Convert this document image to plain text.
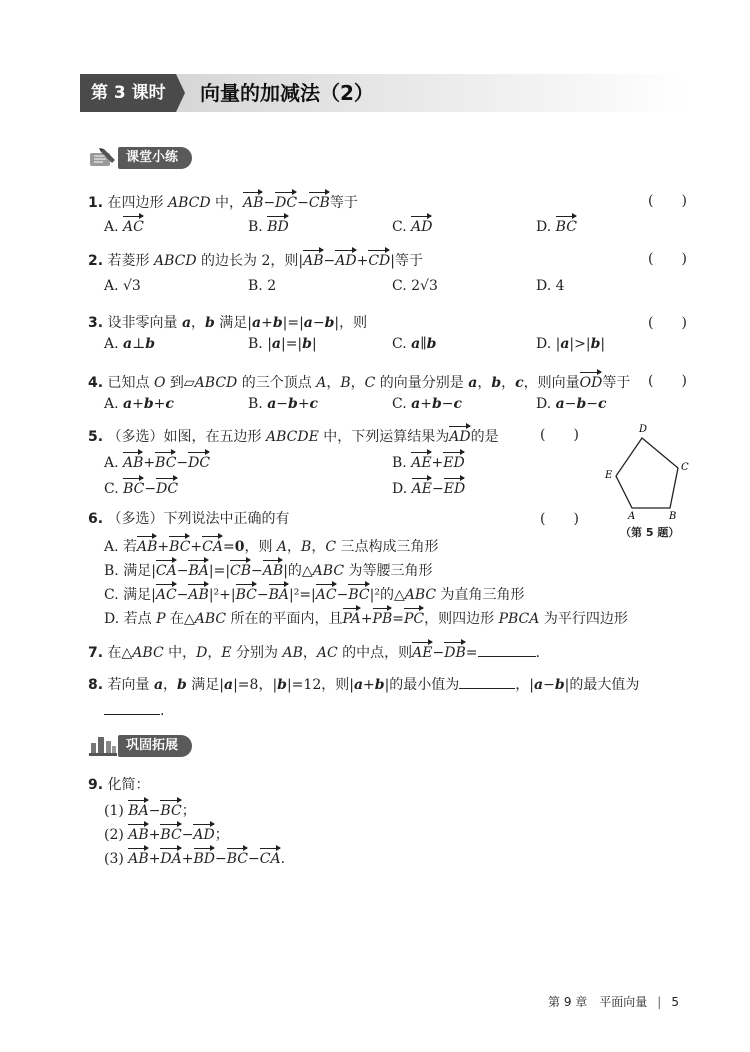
第 3 课时	向量的加减法（2）
课堂小练
1. 在四边形 ABCD 中，AB−DC−CB等于	(　　)
A. AC	B. BD	C. AD	D. BC
2. 若菱形 ABCD 的边长为 2，则|AB−AD+CD|等于	(　　)
A. √3	B. 2	C. 2√3	D. 4
3. 设非零向量 a，b 满足|a+b|=|a−b|，则	(　　)
A. a⊥b	B. |a|=|b|	C. a∥b	D. |a|>|b|
4. 已知点 O 到▱ABCD 的三个顶点 A，B，C 的向量分别是 a，b，c，则向量OD等于 (　　)
A. a+b+c	B. a−b+c	C. a+b−c	D. a−b−c
5. （多选）如图，在五边形 ABCDE 中，下列运算结果为AD的是	(　　)
A. AB+BC−DC	B. AE+ED
C. BC−DC	D. AE−ED
D
C
B
A
E
（第 5 题）
6. （多选）下列说法中正确的有	(　　)
A. 若AB+BC+CA=0，则 A，B，C 三点构成三角形
B. 满足|CA−BA|=|CB−AB|的△ABC 为等腰三角形
C. 满足|AC−AB|²+|BC−BA|²=|AC−BC|²的△ABC 为直角三角形
D. 若点 P 在△ABC 所在的平面内，且PA+PB=PC，则四边形 PBCA 为平行四边形
7. 在△ABC 中，D，E 分别为 AB，AC 的中点，则AE−DB=	.
8. 若向量 a，b 满足|a|=8，|b|=12，则|a+b|的最小值为	，|a−b|的最大值为
.
巩固拓展
9. 化简：
(1) BA−BC；
(2) AB+BC−AD；
(3) AB+DA+BD−BC−CA.
第 9 章　平面向量 | 5
